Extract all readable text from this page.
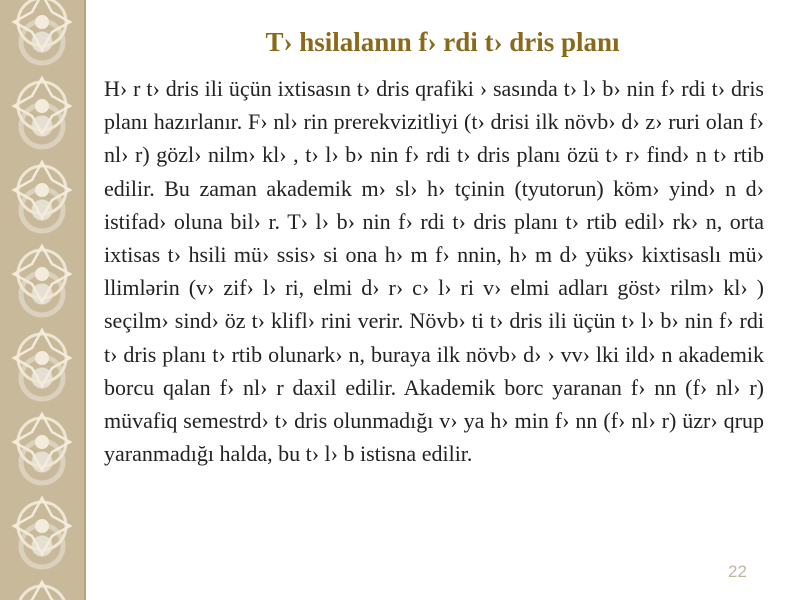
T› hsilalanın f› rdi t› dris planı
H› r t› dris ili üçün ixtisasın t› dris qrafiki › sasında t› l› b› nin f› rdi t› dris planı hazırlanır. F› nl› rin prerekvizitliyi (t› drisi ilk növb› d› z› ruri olan f› nl› r) gözl› nilm› kl› , t› l› b› nin f› rdi t› dris planı özü t› r› find› n t› rtib edilir. Bu zaman akademik m› sl› h› tçinin (tyutorun) köm› yind› n d› istifad› oluna bil› r. T› l› b› nin f› rdi t› dris planı t› rtib edil› rk› n, orta ixtisas t› hsili mü› ssis› si ona h› m f› nnin, h› m d› yüks› kixtisaslı mü› llimlərin (v› zif› l› ri, elmi d› r› c› l› ri v› elmi adları göst› rilm› kl› ) seçilm› sind› öz t› klifl› rini verir. Növb› ti t› dris ili üçün t› l› b› nin f› rdi t› dris planı t› rtib olunark› n, buraya ilk növb› d› › vv› lki ild› n akademik borcu qalan f› nl› r daxil edilir. Akademik borc yaranan f› nn (f› nl› r) müvafiq semestrd› t› dris olunmadığı v› ya h› min f› nn (f› nl› r) üzr› qrup yaranmadığı halda, bu t› l› b istisna edilir.
22
